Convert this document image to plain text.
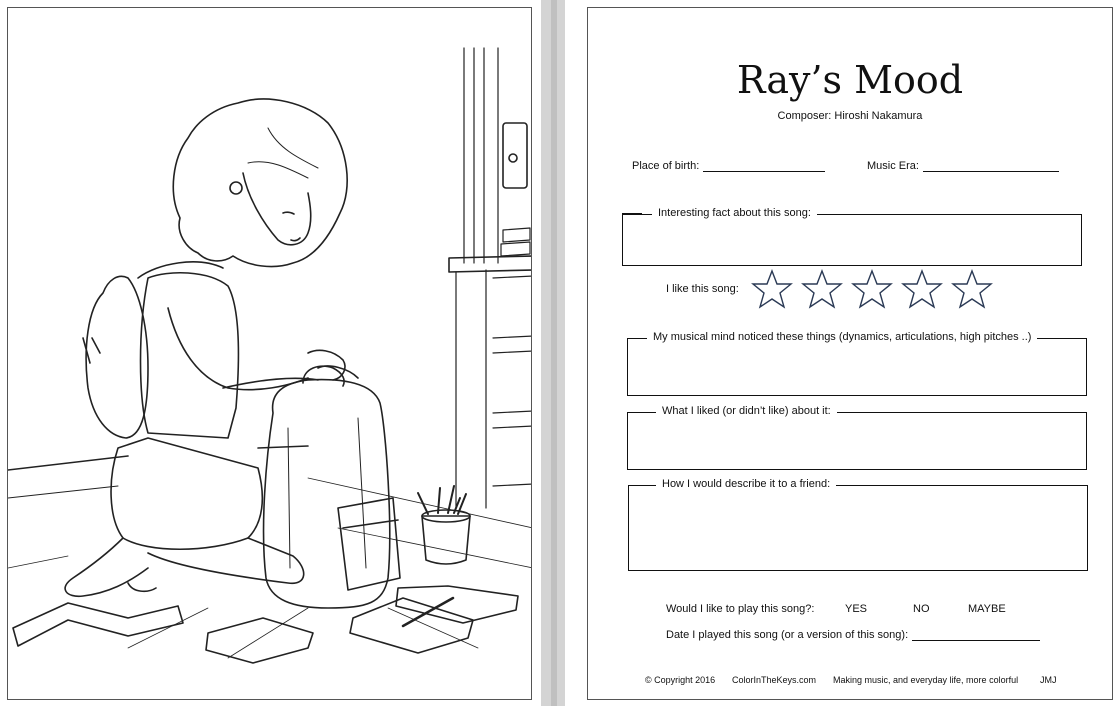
Ray’s Mood
Composer: Hiroshi Nakamura
Place of birth:	Music Era:
Interesting fact about this song:
I like this song:
My musical mind noticed these things (dynamics, articulations, high pitches ..)
What I liked (or didn’t like) about it:
How I would describe it to a friend:
Would I like to play this song?:	YES	NO	MAYBE
Date I played this song (or a version of this song):
© Copyright 2016 ColorInTheKeys.com Making music, and everyday life, more colorful JMJ
